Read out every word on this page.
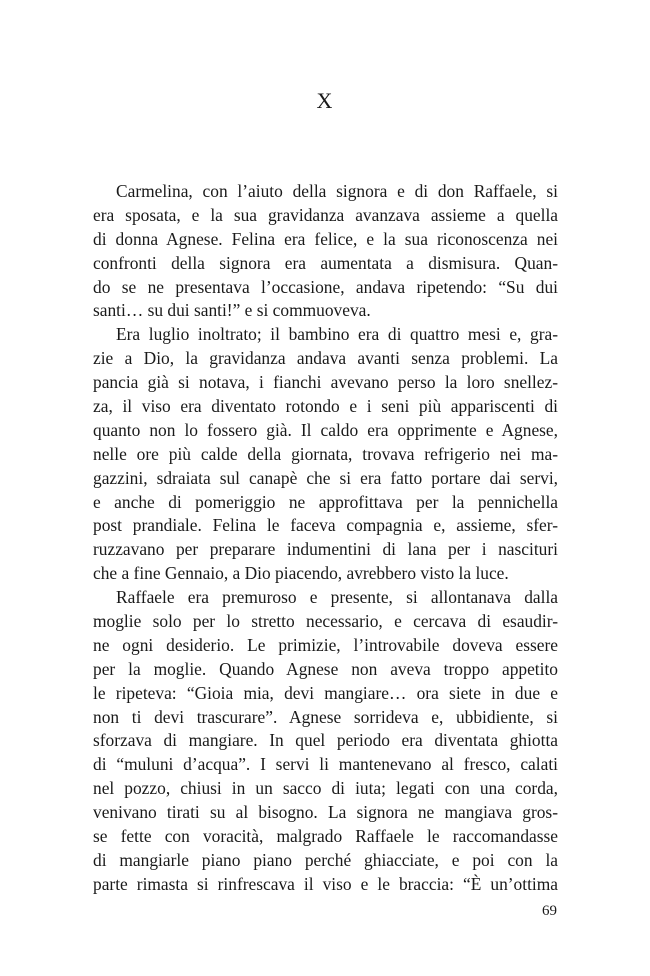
X
Carmelina, con l’aiuto della signora e di don Raffaele, si
era sposata, e la sua gravidanza avanzava assieme a quella
di donna Agnese. Felina era felice, e la sua riconoscenza nei
confronti della signora era aumentata a dismisura. Quan-
do se ne presentava l’occasione, andava ripetendo: “Su dui
santi… su dui santi!” e si commuoveva.
Era luglio inoltrato; il bambino era di quattro mesi e, gra-
zie a Dio, la gravidanza andava avanti senza problemi. La
pancia già si notava, i fianchi avevano perso la loro snellez-
za, il viso era diventato rotondo e i seni più appariscenti di
quanto non lo fossero già. Il caldo era opprimente e Agnese,
nelle ore più calde della giornata, trovava refrigerio nei ma-
gazzini, sdraiata sul canapè che si era fatto portare dai servi,
e anche di pomeriggio ne approfittava per la pennichella
post prandiale. Felina le faceva compagnia e, assieme, sfer-
ruzzavano per preparare indumentini di lana per i nascituri
che a fine Gennaio, a Dio piacendo, avrebbero visto la luce.
Raffaele era premuroso e presente, si allontanava dalla
moglie solo per lo stretto necessario, e cercava di esaudir-
ne ogni desiderio. Le primizie, l’introvabile doveva essere
per la moglie. Quando Agnese non aveva troppo appetito
le ripeteva: “Gioia mia, devi mangiare… ora siete in due e
non ti devi trascurare”. Agnese sorrideva e, ubbidiente, si
sforzava di mangiare. In quel periodo era diventata ghiotta
di “muluni d’acqua”. I servi li mantenevano al fresco, calati
nel pozzo, chiusi in un sacco di iuta; legati con una corda,
venivano tirati su al bisogno. La signora ne mangiava gros-
se fette con voracità, malgrado Raffaele le raccomandasse
di mangiarle piano piano perché ghiacciate, e poi con la
parte rimasta si rinfrescava il viso e le braccia: “È un’ottima
69
